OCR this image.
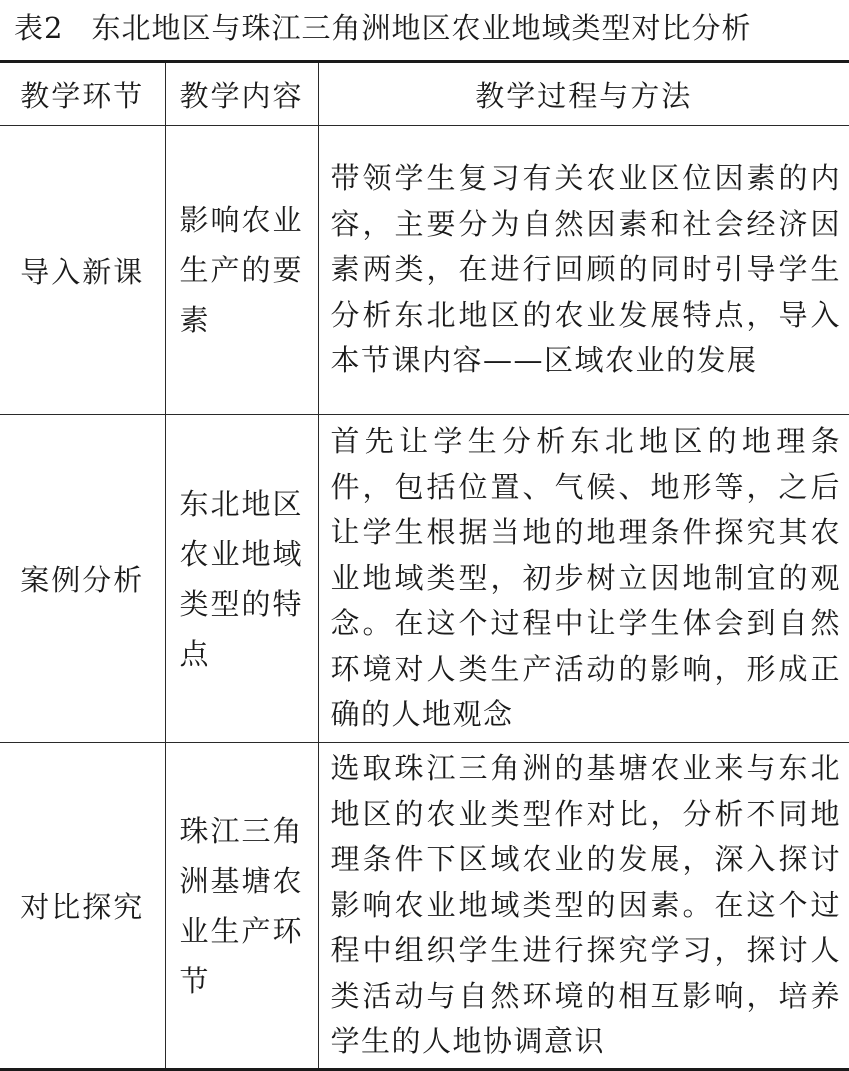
表2 东北地区与珠江三角洲地区农业地域类型对比分析
教学环节	教学内容	教学过程与方法
导入新课	影响农业生产的要素	带领学生复习有关农业区位因素的内容，主要分为自然因素和社会经济因素两类，在进行回顾的同时引导学生分析东北地区的农业发展特点，导入本节课内容——区域农业的发展
案例分析	东北地区农业地域类型的特点	首先让学生分析东北地区的地理条件，包括位置、气候、地形等，之后让学生根据当地的地理条件探究其农业地域类型，初步树立因地制宜的观念。在这个过程中让学生体会到自然环境对人类生产活动的影响，形成正确的人地观念
对比探究	珠江三角洲基塘农业生产环节	选取珠江三角洲的基塘农业来与东北地区的农业类型作对比，分析不同地理条件下区域农业的发展，深入探讨影响农业地域类型的因素。在这个过程中组织学生进行探究学习，探讨人类活动与自然环境的相互影响，培养学生的人地协调意识
